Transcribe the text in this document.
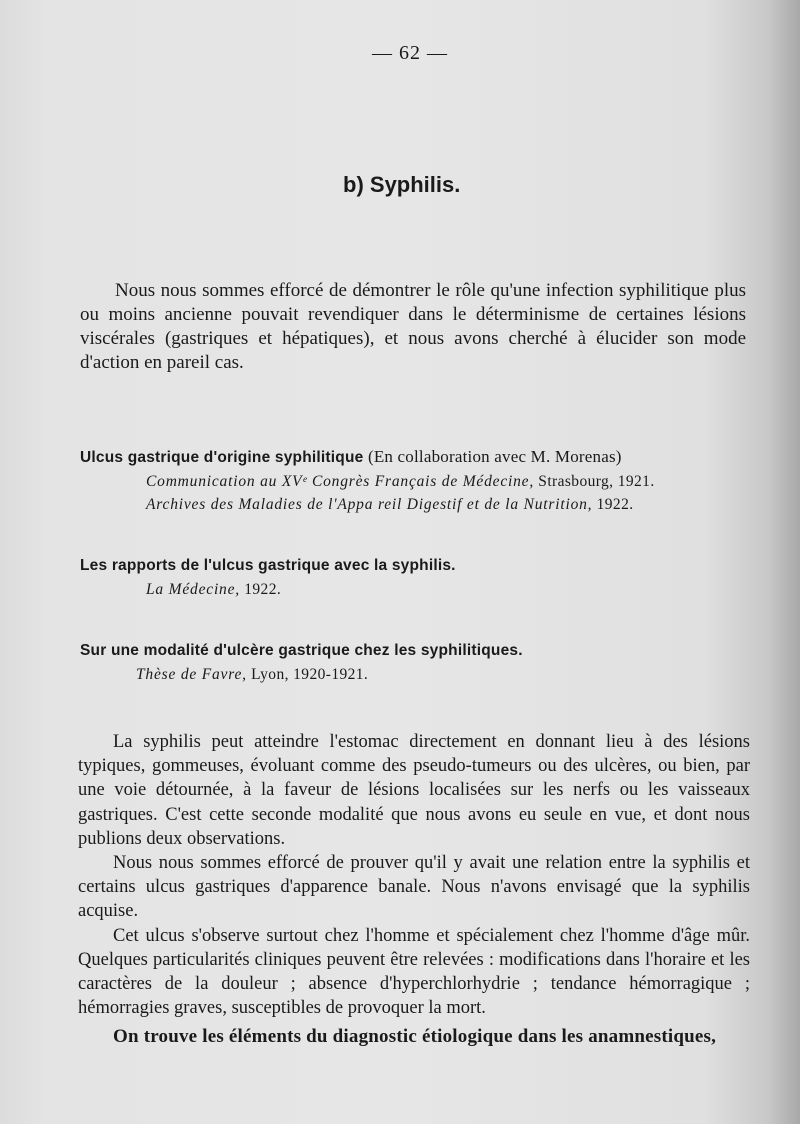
— 62 —
b) Syphilis.

Nous nous sommes efforcé de démontrer le rôle qu'une infection syphilitique plus ou moins ancienne pouvait revendiquer dans le déterminisme de certaines lésions viscérales (gastriques et hépatiques), et nous avons cherché à élucider son mode d'action en pareil cas.

Ulcus gastrique d'origine syphilitique (En collaboration avec M. Morenas)
Communication au XVᵉ Congrès Français de Médecine, Strasbourg, 1921.
Archives des Maladies de l'Appa reil Digestif et de la Nutrition, 1922.
Les rapports de l'ulcus gastrique avec la syphilis.
La Médecine, 1922.
Sur une modalité d'ulcère gastrique chez les syphilitiques.
Thèse de Favre, Lyon, 1920-1921.

La syphilis peut atteindre l'estomac directement en donnant lieu à des lésions typiques, gommeuses, évoluant comme des pseudo-tumeurs ou des ulcères, ou bien, par une voie détournée, à la faveur de lésions localisées sur les nerfs ou les vaisseaux gastriques. C'est cette seconde modalité que nous avons eu seule en vue, et dont nous publions deux observations.

Nous nous sommes efforcé de prouver qu'il y avait une relation entre la syphilis et certains ulcus gastriques d'apparence banale. Nous n'avons envisagé que la syphilis acquise.

Cet ulcus s'observe surtout chez l'homme et spécialement chez l'homme d'âge mûr. Quelques particularités cliniques peuvent être relevées : modifications dans l'horaire et les caractères de la douleur ; absence d'hyperchlorhydrie ; tendance hémorragique ; hémorragies graves, susceptibles de provoquer la mort.

On trouve les éléments du diagnostic étiologique dans les anamnestiques,
